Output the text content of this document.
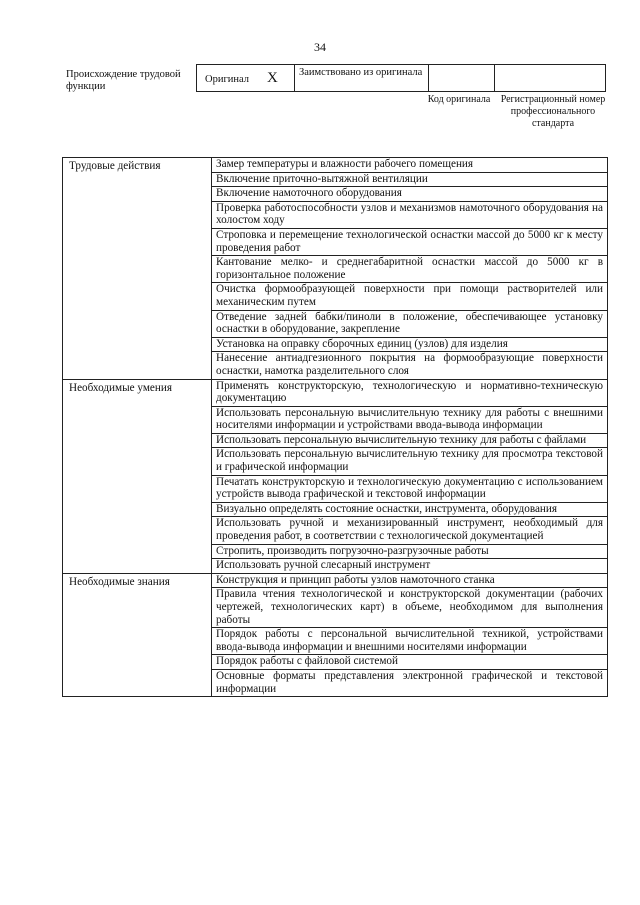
34
Происхождение трудовой функции
Оригинал X Заимствовано из оригинала
Код оригинала	Регистрационный номер профессионального стандарта
Трудовые действия	Замер температуры и влажности рабочего помещения
	Включение приточно-вытяжной вентиляции
	Включение намоточного оборудования
	Проверка работоспособности узлов и механизмов намоточного оборудования на холостом ходу
	Строповка и перемещение технологической оснастки массой до 5000 кг к месту проведения работ
	Кантование мелко- и среднегабаритной оснастки массой до 5000 кг в горизонтальное положение
	Очистка формообразующей поверхности при помощи растворителей или механическим путем
	Отведение задней бабки/пиноли в положение, обеспечивающее установку оснастки в оборудование, закрепление
	Установка на оправку сборочных единиц (узлов) для изделия
	Нанесение антиадгезионного покрытия на формообразующие поверхности оснастки, намотка разделительного слоя
Необходимые умения	Применять конструкторскую, технологическую и нормативно-техническую документацию
	Использовать персональную вычислительную технику для работы с внешними носителями информации и устройствами ввода-вывода информации
	Использовать персональную вычислительную технику для работы с файлами
	Использовать персональную вычислительную технику для просмотра текстовой и графической информации
	Печатать конструкторскую и технологическую документацию с использованием устройств вывода графической и текстовой информации
	Визуально определять состояние оснастки, инструмента, оборудования
	Использовать ручной и механизированный инструмент, необходимый для проведения работ, в соответствии с технологической документацией
	Стропить, производить погрузочно-разгрузочные работы
	Использовать ручной слесарный инструмент
Необходимые знания	Конструкция и принцип работы узлов намоточного станка
	Правила чтения технологической и конструкторской документации (рабочих чертежей, технологических карт) в объеме, необходимом для выполнения работы
	Порядок работы с персональной вычислительной техникой, устройствами ввода-вывода информации и внешними носителями информации
	Порядок работы с файловой системой
	Основные форматы представления электронной графической и текстовой информации
